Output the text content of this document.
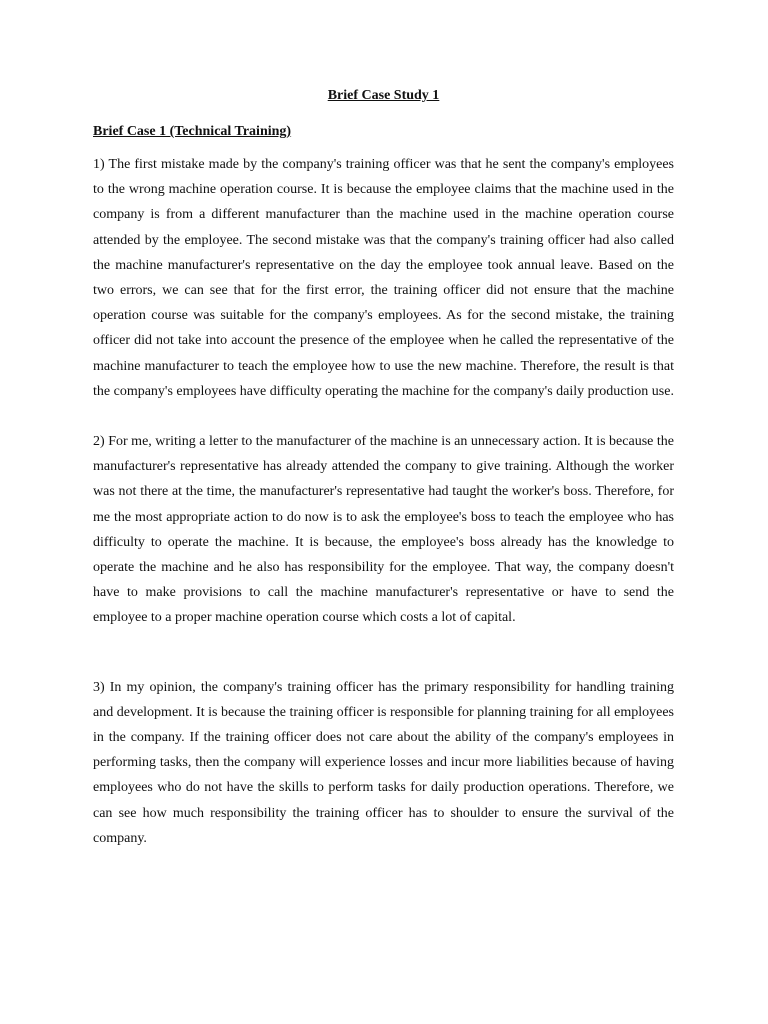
Brief Case Study 1
Brief Case 1 (Technical Training)

1) The first mistake made by the company's training officer was that he sent the company's employees to the wrong machine operation course. It is because the employee claims that the machine used in the company is from a different manufacturer than the machine used in the machine operation course attended by the employee. The second mistake was that the company's training officer had also called the machine manufacturer's representative on the day the employee took annual leave. Based on the two errors, we can see that for the first error, the training officer did not ensure that the machine operation course was suitable for the company's employees. As for the second mistake, the training officer did not take into account the presence of the employee when he called the representative of the machine manufacturer to teach the employee how to use the new machine. Therefore, the result is that the company's employees have difficulty operating the machine for the company's daily production use.

2) For me, writing a letter to the manufacturer of the machine is an unnecessary action. It is because the manufacturer's representative has already attended the company to give training. Although the worker was not there at the time, the manufacturer's representative had taught the worker's boss. Therefore, for me the most appropriate action to do now is to ask the employee's boss to teach the employee who has difficulty to operate the machine. It is because, the employee's boss already has the knowledge to operate the machine and he also has responsibility for the employee. That way, the company doesn't have to make provisions to call the machine manufacturer's representative or have to send the employee to a proper machine operation course which costs a lot of capital.

3) In my opinion, the company's training officer has the primary responsibility for handling training and development. It is because the training officer is responsible for planning training for all employees in the company. If the training officer does not care about the ability of the company's employees in performing tasks, then the company will experience losses and incur more liabilities because of having employees who do not have the skills to perform tasks for daily production operations. Therefore, we can see how much responsibility the training officer has to shoulder to ensure the survival of the company.
